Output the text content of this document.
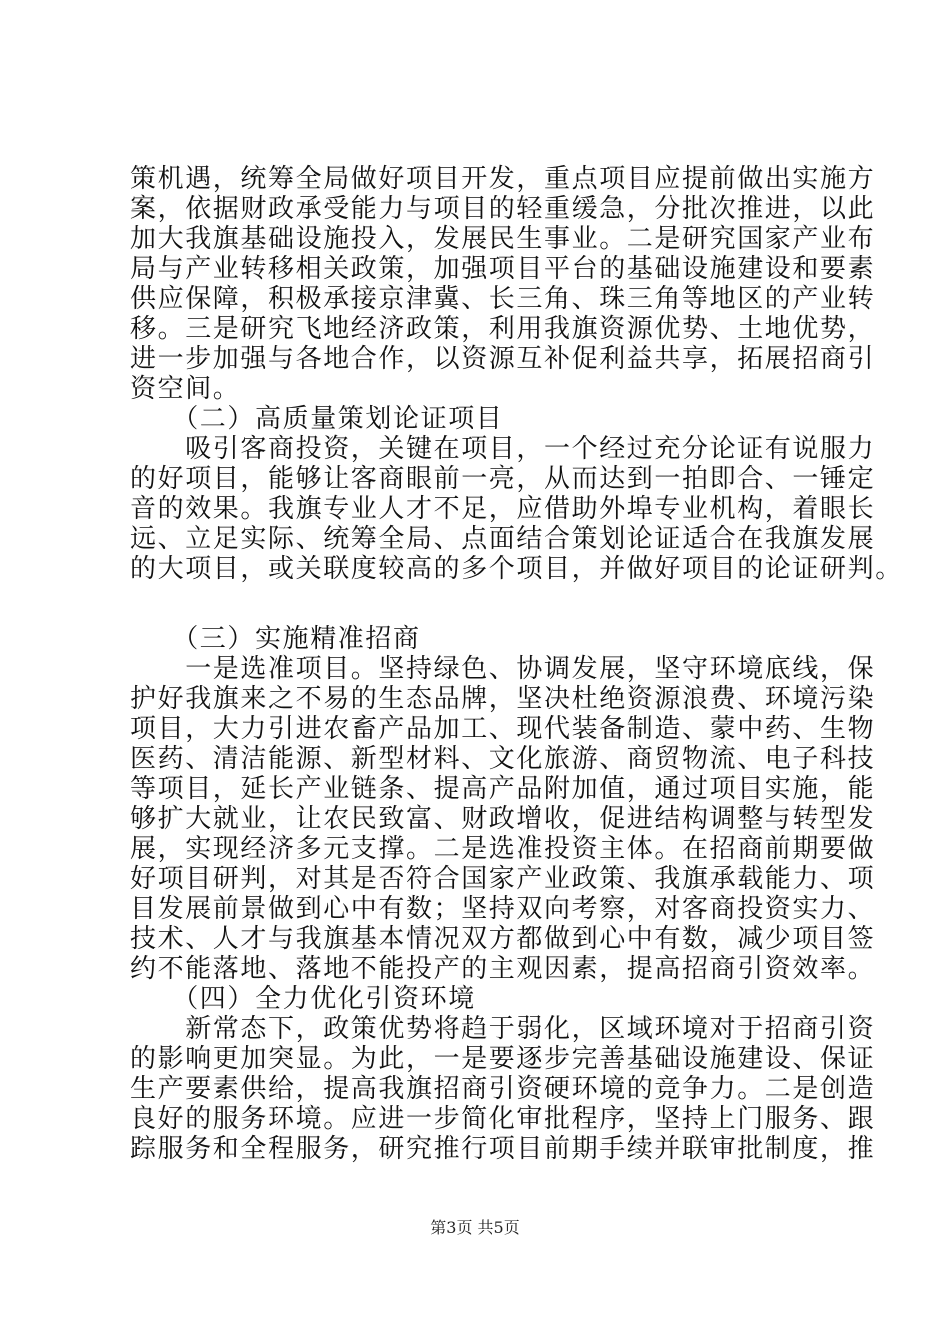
策机遇，统筹全局做好项目开发，重点项目应提前做出实施方

案，依据财政承受能力与项目的轻重缓急，分批次推进，以此

加大我旗基础设施投入，发展民生事业。二是研究国家产业布

局与产业转移相关政策，加强项目平台的基础设施建设和要素

供应保障，积极承接京津冀、长三角、珠三角等地区的产业转

移。三是研究飞地经济政策，利用我旗资源优势、土地优势，

进一步加强与各地合作，以资源互补促利益共享，拓展招商引

资空间。

　　（二）高质量策划论证项目

　　吸引客商投资，关键在项目，一个经过充分论证有说服力

的好项目，能够让客商眼前一亮，从而达到一拍即合、一锤定

音的效果。我旗专业人才不足，应借助外埠专业机构，着眼长

远、立足实际、统筹全局、点面结合策划论证适合在我旗发展

的大项目，或关联度较高的多个项目，并做好项目的论证研判。

　　（三）实施精准招商

　　一是选准项目。坚持绿色、协调发展，坚守环境底线，保

护好我旗来之不易的生态品牌，坚决杜绝资源浪费、环境污染

项目，大力引进农畜产品加工、现代装备制造、蒙中药、生物

医药、清洁能源、新型材料、文化旅游、商贸物流、电子科技

等项目，延长产业链条、提高产品附加值，通过项目实施，能

够扩大就业，让农民致富、财政增收，促进结构调整与转型发

展，实现经济多元支撑。二是选准投资主体。在招商前期要做

好项目研判，对其是否符合国家产业政策、我旗承载能力、项

目发展前景做到心中有数；坚持双向考察，对客商投资实力、

技术、人才与我旗基本情况双方都做到心中有数，减少项目签

约不能落地、落地不能投产的主观因素，提高招商引资效率。

　　（四）全力优化引资环境

　　新常态下，政策优势将趋于弱化，区域环境对于招商引资

的影响更加突显。为此，一是要逐步完善基础设施建设、保证

生产要素供给，提高我旗招商引资硬环境的竞争力。二是创造

良好的服务环境。应进一步简化审批程序，坚持上门服务、跟

踪服务和全程服务，研究推行项目前期手续并联审批制度，推

第3页 共5页
